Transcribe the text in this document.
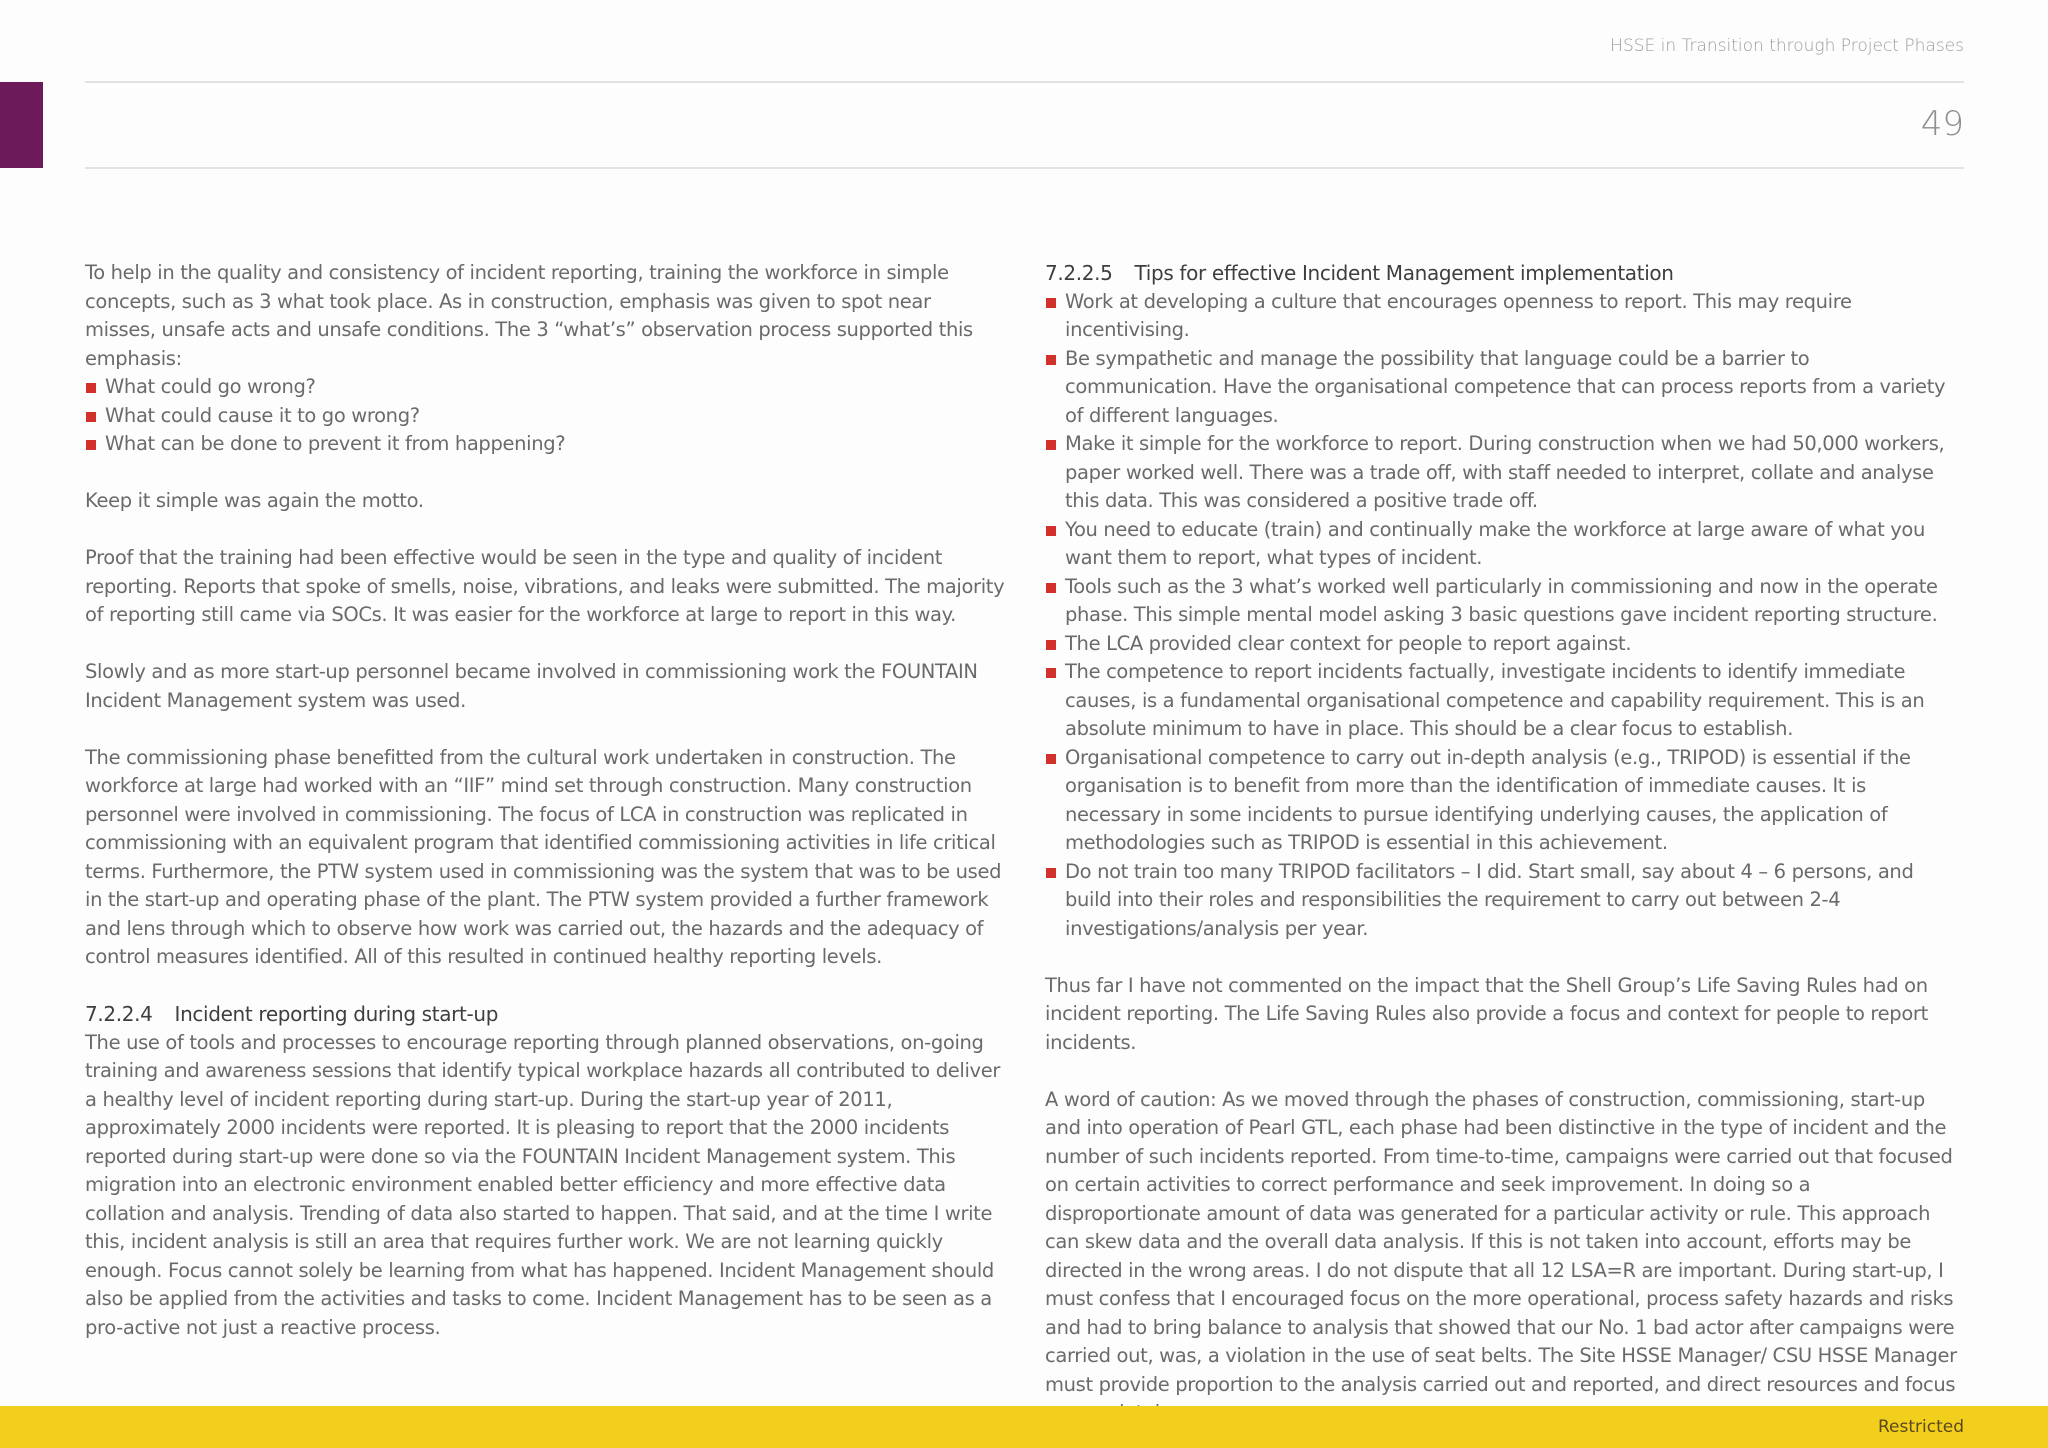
HSSE in Transition through Project Phases
49

To help in the quality and consistency of incident reporting, training the workforce in simple concepts, such as 3 what took place. As in construction, emphasis was given to spot near misses, unsafe acts and unsafe conditions. The 3 “what’s” observation process supported this emphasis:

What could go wrong?
What could cause it to go wrong?
What can be done to prevent it from happening?

Keep it simple was again the motto.

Proof that the training had been effective would be seen in the type and quality of incident reporting. Reports that spoke of smells, noise, vibrations, and leaks were submitted. The majority of reporting still came via SOCs. It was easier for the workforce at large to report in this way.

Slowly and as more start-up personnel became involved in commissioning work the FOUNTAIN Incident Management system was used.

The commissioning phase benefitted from the cultural work undertaken in construction. The workforce at large had worked with an “IIF” mind set through construction. Many construction personnel were involved in commissioning. The focus of LCA in construction was replicated in commissioning with an equivalent program that identified commissioning activities in life critical terms. Furthermore, the PTW system used in commissioning was the system that was to be used in the start-up and operating phase of the plant. The PTW system provided a further framework and lens through which to observe how work was carried out, the hazards and the adequacy of control measures identified. All of this resulted in continued healthy reporting levels.

7.2.2.4 Incident reporting during start-up

The use of tools and processes to encourage reporting through planned observations, on-going training and awareness sessions that identify typical workplace hazards all contributed to deliver a healthy level of incident reporting during start-up. During the start-up year of 2011, approximately 2000 incidents were reported. It is pleasing to report that the 2000 incidents reported during start-up were done so via the FOUNTAIN Incident Management system. This migration into an electronic environment enabled better efficiency and more effective data collation and analysis. Trending of data also started to happen. That said, and at the time I write this, incident analysis is still an area that requires further work. We are not learning quickly enough. Focus cannot solely be learning from what has happened. Incident Management should also be applied from the activities and tasks to come. Incident Management has to be seen as a pro-active not just a reactive process.

7.2.2.5 Tips for effective Incident Management implementation
Work at developing a culture that encourages openness to report. This may require incentivising.
Be sympathetic and manage the possibility that language could be a barrier to communication. Have the organisational competence that can process reports from a variety of different languages.
Make it simple for the workforce to report. During construction when we had 50,000 workers, paper worked well. There was a trade off, with staff needed to interpret, collate and analyse this data. This was considered a positive trade off.
You need to educate (train) and continually make the workforce at large aware of what you want them to report, what types of incident.
Tools such as the 3 what’s worked well particularly in commissioning and now in the operate phase. This simple mental model asking 3 basic questions gave incident reporting structure.
The LCA provided clear context for people to report against.
The competence to report incidents factually, investigate incidents to identify immediate causes, is a fundamental organisational competence and capability requirement. This is an absolute minimum to have in place. This should be a clear focus to establish.
Organisational competence to carry out in-depth analysis (e.g., TRIPOD) is essential if the organisation is to benefit from more than the identification of immediate causes. It is necessary in some incidents to pursue identifying underlying causes, the application of methodologies such as TRIPOD is essential in this achievement.
Do not train too many TRIPOD facilitators – I did. Start small, say about 4 – 6 persons, and build into their roles and responsibilities the requirement to carry out between 2-4 investigations/analysis per year.

Thus far I have not commented on the impact that the Shell Group’s Life Saving Rules had on incident reporting. The Life Saving Rules also provide a focus and context for people to report incidents.

A word of caution: As we moved through the phases of construction, commissioning, start-up and into operation of Pearl GTL, each phase had been distinctive in the type of incident and the number of such incidents reported. From time-to-time, campaigns were carried out that focused on certain activities to correct performance and seek improvement. In doing so a disproportionate amount of data was generated for a particular activity or rule. This approach can skew data and the overall data analysis. If this is not taken into account, efforts may be directed in the wrong areas. I do not dispute that all 12 LSA=R are important. During start-up, I must confess that I encouraged focus on the more operational, process safety hazards and risks and had to bring balance to analysis that showed that our No. 1 bad actor after campaigns were carried out, was, a violation in the use of seat belts. The Site HSSE Manager/ CSU HSSE Manager must provide proportion to the analysis carried out and reported, and direct resources and focus

Restricted
